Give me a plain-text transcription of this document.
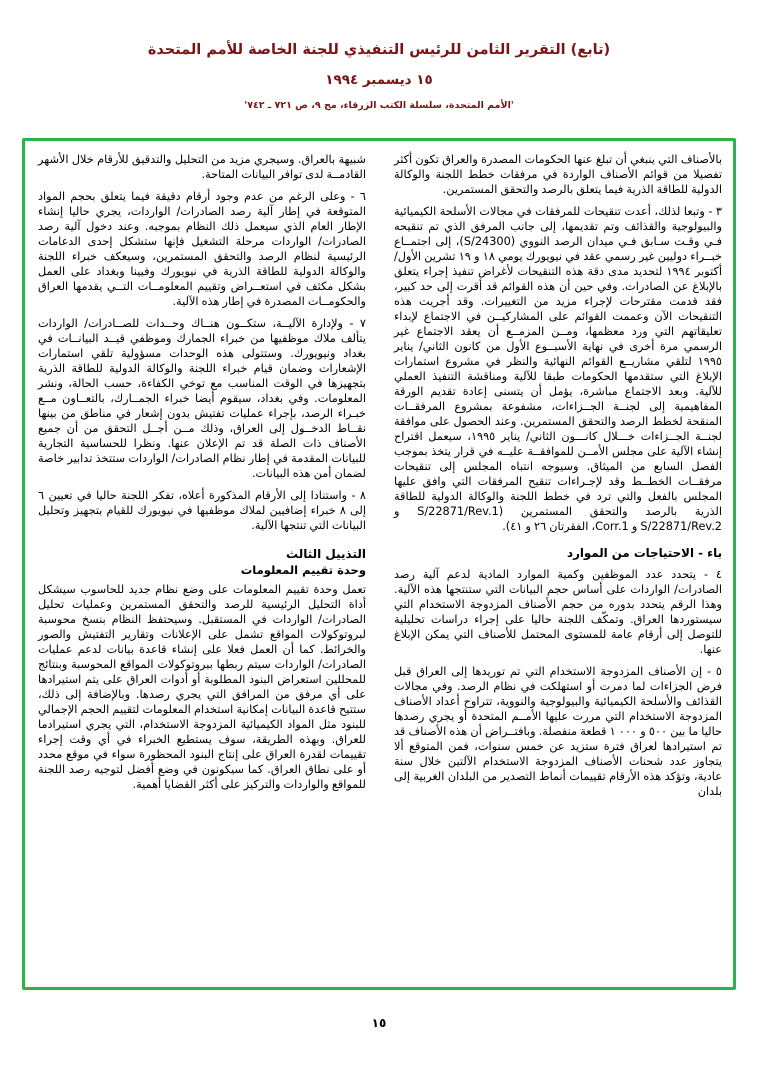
(تابع) التقرير الثامن للرئيس التنفيذي للجنة الخاصة للأمم المتحدة
١٥ ديسمبر ١٩٩٤
'الأمم المتحدة، سلسلة الكتب الزرقاء، مج ٩، ص ٧٢١ ـ ٧٤٢'

بالأصناف التي ينبغي أن تبلغ عنها الحكومات المصدرة والعراق تكون أكثر تفصيلا من قوائم الأصناف الواردة في مرفقات خطط اللجنة والوكالة الدولية للطاقة الذرية فيما يتعلق بالرصد والتحقق المستمرين.

٣ - وتبعا لذلك، أعدت تنقيحات للمرفقات في مجالات الأسلحة الكيميائية والبيولوجية والقذائف وتم تقديمها، إلى جانب المرفق الذي تم تنقيحه فـي وقـت سـابق فـي ميدان الرصد النووي (S/24300)، إلى اجتمــاع خبــراء دوليين غير رسمي عقد في نيويورك يومي ١٨ و ١٩ تشرين الأول/ أكتوبر ١٩٩٤ لتحديد مدى دقة هذه التنقيحات لأغراض تنفيذ إجراء يتعلق بالإبلاغ عن الصادرات. وفي حين أن هذه القوائم قد أقرت إلى حد كبير، فقد قدمت مقترحات لإجراء مزيد من التغييرات. وقد أجريت هذه التنقيحات الآن وعممت القوائم على المشاركيــن في الاجتماع لإبداء تعليقاتهم التي ورد معظمها، ومــن المزمــع أن يعقد الاجتماع غير الرسمي مرة أخرى في نهاية الأسبــوع الأول من كانون الثاني/ يناير ١٩٩٥ لتلقي مشاريــع القوائم النهائية والنظر في مشروع استمارات الإبلاغ التي ستقدمها الحكومات طبقا للآلية ومناقشة التنفيذ العملي للآلية. وبعد الاجتماع مباشرة، يؤمل أن يتسنى إعادة تقديم الورقة المفاهيمية إلى لجنــة الجــزاءات، مشفوعة بمشروع المرفقــات المنقحة لخطط الرصد والتحقق المستمرين. وعند الحصول على موافقة لجنــة الجــزاءات خـــلال كانـــون الثاني/ يناير ١٩٩٥، سيعمل اقتراح إنشاء الآلية على مجلس الأمــن للموافقــة عليــه في قرار يتخذ بموجب الفصل السابع من الميثاق. وسيوجه انتباه المجلس إلى تنقيحات مرفقــات الخطــط وقد لإجـراءات تنقيح المرفقات التي وافق عليها المجلس بالفعل والتي ترد في خطط اللجنة والوكالة الدولية للطاقة الذرية بالرصد والتحقق المستمرين (S/22871/Rev.1 و S/22871/Rev.2 و Corr.1، الفقرتان ٢٦ و ٤١).

باء - الاحتياجات من الموارد

٤ - يتحدد عدد الموظفين وكمية الموارد المادية لدعم آلية رصد الصادرات/ الواردات على أساس حجم البيانات التي ستنتجها هذه الآلية. وهذا الرقم يتحدد بدوره من حجم الأصناف المزدوجة الاستخدام التي سيستوردها العراق. وتمكّف اللجنة حاليا على إجراء دراسات تحليلية للتوصل إلى أرقام عامة للمستوى المحتمل للأصناف التي يمكن الإبلاغ عنها.

٥ - إن الأصناف المزدوجة الاستخدام التي تم توريدها إلى العراق قبل فرض الجزاءات لما دمرت أو استهلكت في نظام الرصد. وفي مجالات القذائف والأسلحة الكيميائية والبيولوجية والنووية، تتراوح أعداد الأصناف المزدوجة الاستخدام التي مررت عليها الأمــم المتحدة أو يجري رصدها حاليا ما بين ٥٠٠ و ٠٠٠ ١ قطعة منفصلة. وبافتــراض أن هذه الأصناف قد تم استيرادها لعراق فترة ستزيد عن خمس سنوات، فمن المتوقع ألا يتجاوز عدد شحنات الأصناف المزدوجة الاستخدام الآلتين خلال سنة عادية، وتؤكد هذه الأرقام تقييمات أنماط التصدير من البلدان الغربية إلى بلدان

شبيهة بالعراق. وسيجري مزيد من التحليل والتدقيق للأرقام خلال الأشهر القادمــة لدى توافر البيانات المتاحة.

٦ - وعلى الرغم من عدم وجود أرقام دقيقة فيما يتعلق بحجم المواد المتوقعة في إطار آلية رصد الصادرات/ الواردات، يجري حاليا إنشاء الإطار العام الذي سيعمل ذلك النظام بموجبه. وعند دخول آلية رصد الصادرات/ الواردات مرحلة التشغيل فإنها ستشكل إحدى الدعامات الرئيسية لنظام الرصد والتحقق المستمرين، وسيعكف خبراء اللجنة والوكالة الدولية للطاقة الذرية في نيويورك وفيينا وبغداد على العمل بشكل مكثف في استعــراض وتقييم المعلومــات التــي يقدمها العراق والحكومــات المصدرة في إطار هذه الآلية.

٧ - ولإدارة الآليــة، ستكــون هنــاك وحــدات للصــادرات/ الواردات يتألف ملاك موظفيها من خبراء الجمارك وموظفي قيــد البيانــات في بغداد ونيويورك. وستتولى هذه الوحدات مسؤولية تلقي استمارات الإشعارات وضمان قيام خبراء اللجنة والوكالة الدولية للطاقة الذرية بتجهيزها في الوقت المناسب مع توخي الكفاءة، حسب الحالة، ونشر المعلومات. وفي بغداد، سيقوم أيضا خبراء الجمــارك، بالتعــاون مــع خبـراء الرصد، بإجراء عمليات تفتيش بدون إشعار في مناطق من بينها نقــاط الدخــول إلى العراق، وذلك مــن أجــل التحقق من أن جميع الأصناف ذات الصلة قد تم الإعلان عنها. ونظرا للحساسية التجارية للبيانات المقدمة في إطار نظام الصادرات/ الواردات ستتخذ تدابير خاصة لضمان أمن هذه البيانات.

٨ - واستنادا إلى الأرقام المذكورة أعلاه، تفكر اللجنة حاليا في تعيين ٦ إلى ٨ خبراء إضافيين لملاك موظفيها في نيويورك للقيام بتجهيز وتحليل البيانات التي تنتجها الآلية.

التذييل الثالث
وحدة تقييم المعلومات

تعمل وحدة تقييم المعلومات على وضع نظام جديد للحاسوب سيشكل أداة التحليل الرئيسية للرصد والتحقق المستمرين وعمليات تحليل الصادرات/ الواردات في المستقبل. وسيحتفظ النظام بنسخ محوسبة لبروتوكولات المواقع تشمل على الإعلانات وتقارير التفتيش والصور والخرائط. كما أن العمل فعلا على إنشاء قاعدة بيانات لدعم عمليات الصادرات/ الواردات سيتم ربطها ببروتوكولات المواقع المحوسبة وبنتائج للمحللين استعراض البنود المطلوبة أو أدوات العراق على يتم استيرادها على أي مرفق من المرافق التي يجري رصدها. وبالإضافة إلى ذلك، ستتيح قاعدة البيانات إمكانية استخدام المعلومات لتقييم الحجم الإجمالي للبنود مثل المواد الكيميائية المزدوجة الاستخدام، التي يجري استيرادما للعراق. وبهذه الطريقة، سوف يستطيع الخبراء في أي وقت إجراء تقييمات لقدرة العراق على إنتاج البنود المحظورة سواء في موقع محدد أو على نطاق العراق. كما سيكونون في وضع أفضل لتوجيه رصد اللجنة للمواقع والواردات والتركيز على أكثر القضايا أهمية.

١٥
